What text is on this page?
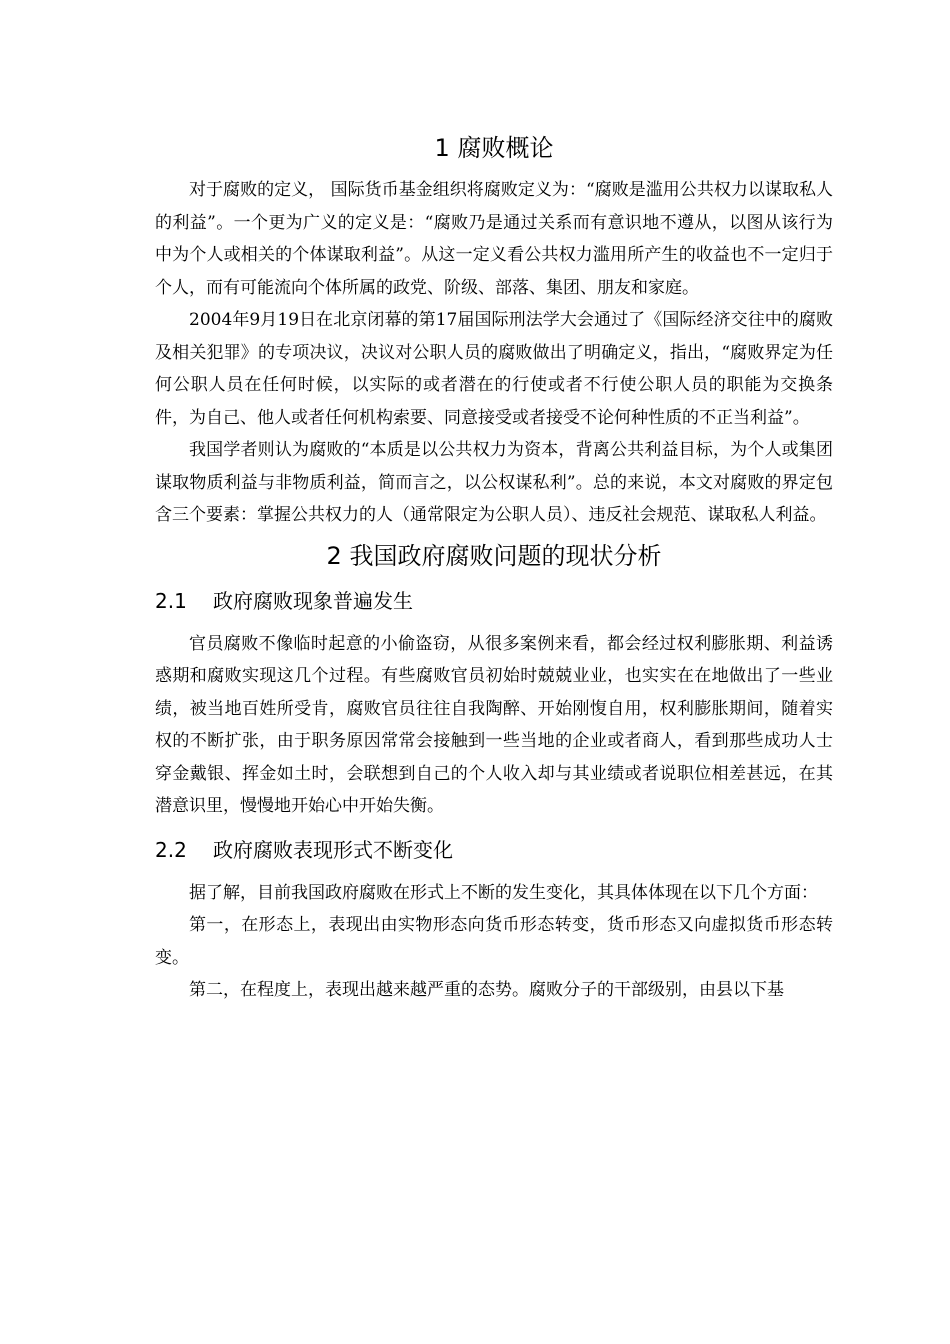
1 腐败概论

对于腐败的定义， 国际货币基金组织将腐败定义为：“腐败是滥用公共权力以谋取私人的利益”。一个更为广义的定义是：“腐败乃是通过关系而有意识地不遵从，以图从该行为中为个人或相关的个体谋取利益”。从这一定义看公共权力滥用所产生的收益也不一定归于个人，而有可能流向个体所属的政党、阶级、部落、集团、朋友和家庭。

2004年9月19日在北京闭幕的第17届国际刑法学大会通过了《国际经济交往中的腐败及相关犯罪》的专项决议，决议对公职人员的腐败做出了明确定义，指出，“腐败界定为任何公职人员在任何时候，以实际的或者潜在的行使或者不行使公职人员的职能为交换条件，为自己、他人或者任何机构索要、同意接受或者接受不论何种性质的不正当利益”。

我国学者则认为腐败的“本质是以公共权力为资本，背离公共利益目标，为个人或集团谋取物质利益与非物质利益，简而言之，以公权谋私利”。总的来说，本文对腐败的界定包含三个要素：掌握公共权力的人（通常限定为公职人员）、违反社会规范、谋取私人利益。

2 我国政府腐败问题的现状分析
2.1 政府腐败现象普遍发生

官员腐败不像临时起意的小偷盗窃，从很多案例来看，都会经过权利膨胀期、利益诱惑期和腐败实现这几个过程。有些腐败官员初始时兢兢业业，也实实在在地做出了一些业绩，被当地百姓所受肯，腐败官员往往自我陶醉、开始刚愎自用，权利膨胀期间，随着实权的不断扩张，由于职务原因常常会接触到一些当地的企业或者商人，看到那些成功人士穿金戴银、挥金如土时，会联想到自己的个人收入却与其业绩或者说职位相差甚远，在其潜意识里，慢慢地开始心中开始失衡。

2.2 政府腐败表现形式不断变化

据了解，目前我国政府腐败在形式上不断的发生变化，其具体体现在以下几个方面：

第一，在形态上，表现出由实物形态向货币形态转变，货币形态又向虚拟货币形态转变。

第二，在程度上，表现出越来越严重的态势。腐败分子的干部级别，由县以下基
